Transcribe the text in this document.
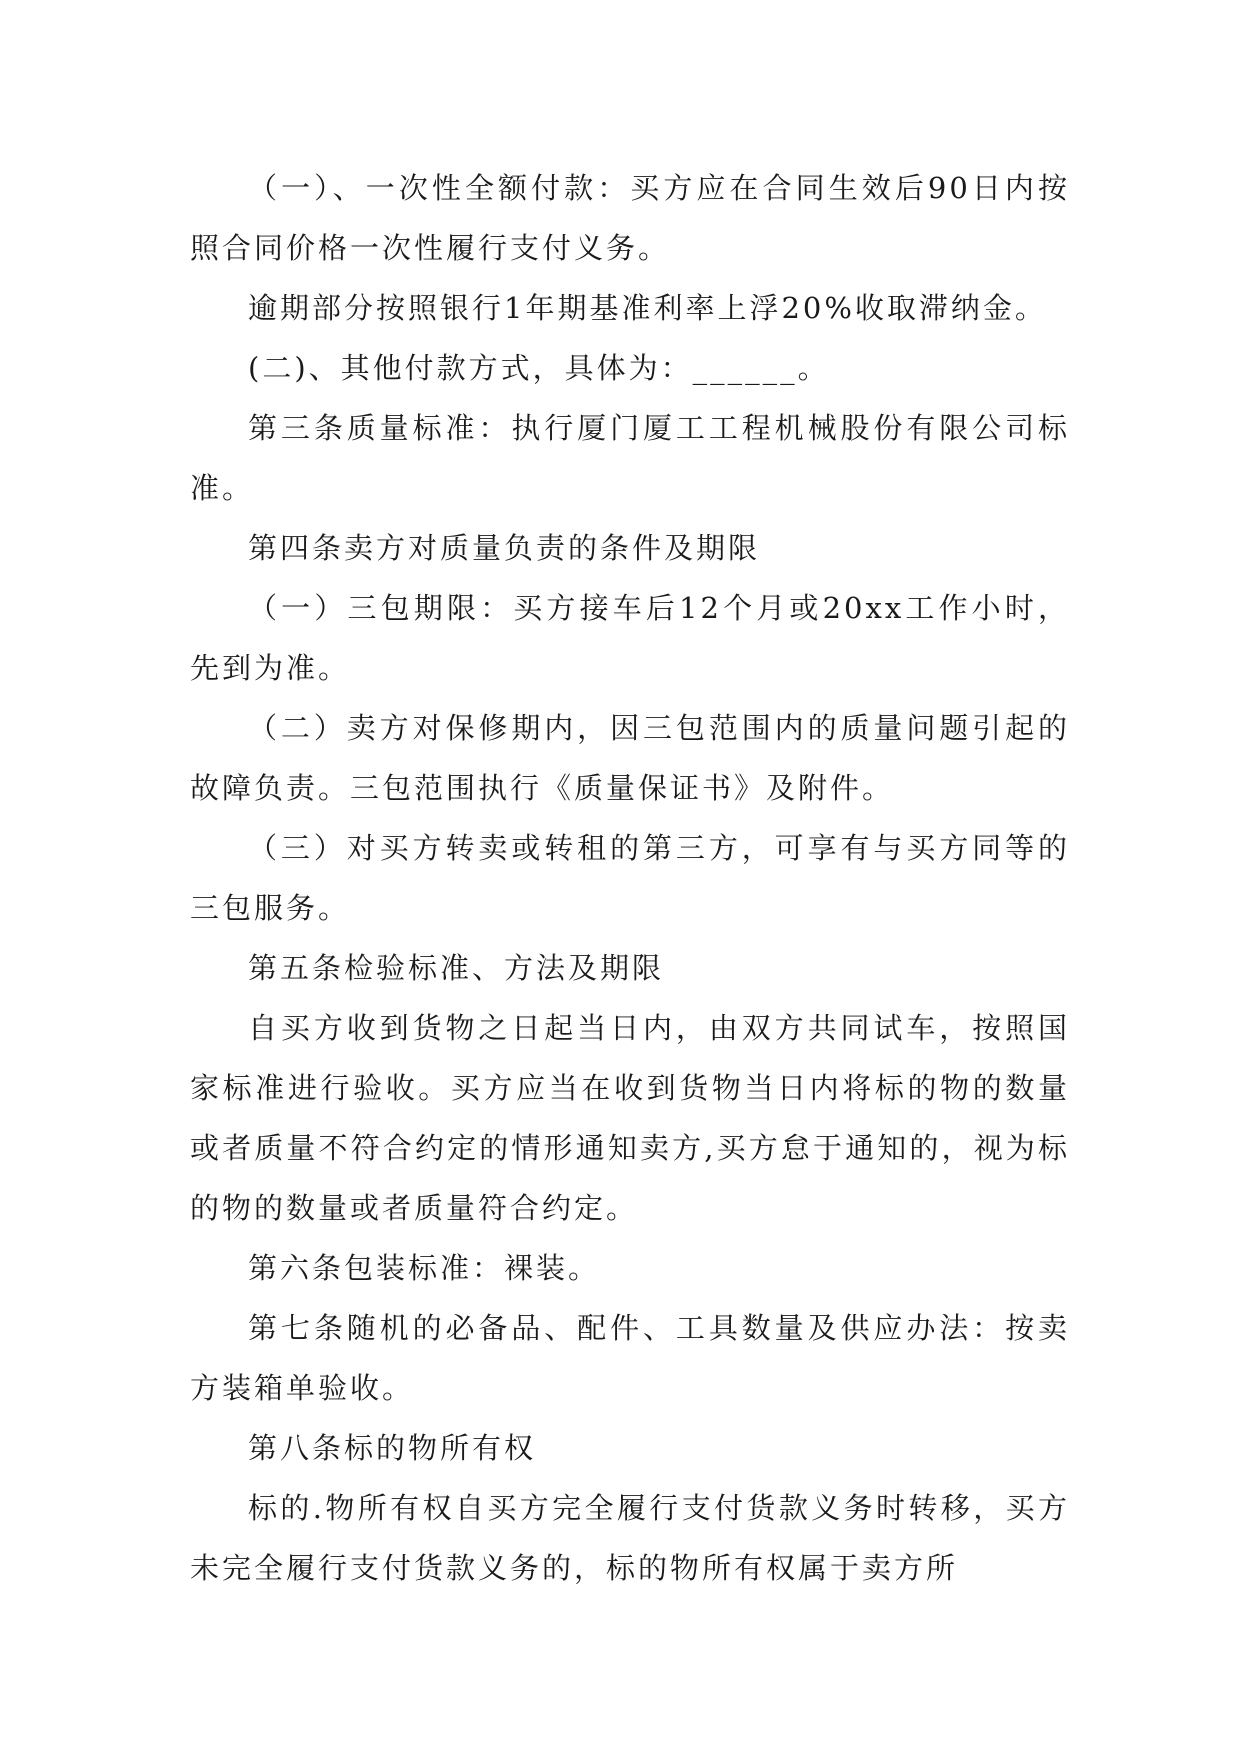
（一）、一次性全额付款：买方应在合同生效后90日内按照合同价格一次性履行支付义务。

逾期部分按照银行1年期基准利率上浮20%收取滞纳金。

(二)、其他付款方式，具体为：______。

第三条质量标准：执行厦门厦工工程机械股份有限公司标准。

第四条卖方对质量负责的条件及期限

（一）三包期限：买方接车后12个月或20xx工作小时，先到为准。

（二）卖方对保修期内，因三包范围内的质量问题引起的故障负责。三包范围执行《质量保证书》及附件。

（三）对买方转卖或转租的第三方，可享有与买方同等的三包服务。

第五条检验标准、方法及期限

自买方收到货物之日起当日内，由双方共同试车，按照国家标准进行验收。买方应当在收到货物当日内将标的物的数量或者质量不符合约定的情形通知卖方,买方怠于通知的，视为标的物的数量或者质量符合约定。

第六条包装标准：裸装。

第七条随机的必备品、配件、工具数量及供应办法：按卖方装箱单验收。

第八条标的物所有权

标的.物所有权自买方完全履行支付货款义务时转移，买方未完全履行支付货款义务的，标的物所有权属于卖方所
